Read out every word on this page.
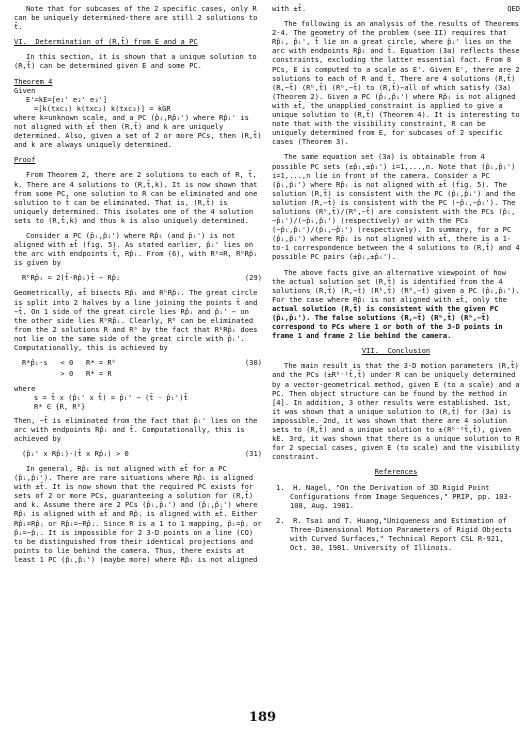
Note that for subcases of the 2 specific cases, only R can be uniquely determined-there are still 2 solutions to t̂.

VI.  Determination of (R,t̂) from E and a PC

In this section, it is shown that a unique solution to (R,t̂) can be determined given E and some PC.

Theorem 4

Given

E'=kE=[e₁' e₂' e₃']

=[k(txc₁) k(txc₂) k(txc₃)] = kGR

where k=unknown scale, and a PC (p̂ᵢ,Rp̂ᵢ') where Rp̂ᵢ' is not aligned with ±t̂ then (R,t̂) and k are uniquely determined. Also, given a set of 2 or more PCs, then (R,t̂) and k are always uniquely determined.

Proof

From Theorem 2, there are 2 solutions to each of R, t̂, k. There are 4 solutions to (R,t̂,k). It is now shown that from some PC, one solution to R can be eliminated and one solution to t̂ can be eliminated. That is, (R,t̂) is uniquely determined. This isolates one of the 4 solution sets to (R,t̂,k) and thus k is also uniquely determined.

Consider a PC (p̂ᵢ,p̂ᵢ') where Rp̂ᵢ (and p̂ᵢ') is not aligned with ±t̂ (fig. 5). As stated earlier, p̂ᵢ' lies on the arc with endpoints t̂, Rp̂ᵢ. From (6), with Rᵇ=R, RᵇRp̂ᵢ is given by

RᵇRp̂ᵢ = 2(t̂·Rp̂ᵢ)t̂ − Rp̂ᵢ	(29)

Geometrically, ±t̂ bisects Rp̂ᵢ and RᵇRp̂ᵢ. The great circle is split into 2 halves by a line joining the points t̂ and −t̂. On 1 side of the great circle lies Rp̂ᵢ and p̂ᵢ' − on the other side lies RᵇRp̂ᵢ. Clearly, Rᵇ can be eliminated from the 2 solutions R and Rᵇ by the fact that RᵇRp̂ᵢ does not lie on the same side of the great circle with p̂ᵢ'. Computationally, this is achieved by

R*p̂ᵢ·s   < 0   R* = Rᵇ	(30)
> 0   R* = R

where

s = t̂ x (p̂ᵢ' x t̂) = p̂ᵢ' − (t̂ · p̂ᵢ')t̂

R* ∈ {R, Rᵇ}

Then, −t̂ is eliminated from the fact that p̂ᵢ' lies on the arc with endpoints Rp̂ᵢ and t̂. Computationally, this is achieved by

(p̂ᵢ' x Rp̂ᵢ)·(t̂ x Rp̂ᵢ) > 0	(31)

In general, Rp̂ᵢ is not aligned with ±t̂ for a PC (p̂ᵢ,p̂ᵢ'). There are rare situations where Rp̂ᵢ is aligned with ±t̂. It is now shown that the required PC exists for sets of 2 or more PCs, guaranteeing a solution for (R,t̂) and k. Assume there are 2 PCs (p̂ᵢ,p̂ᵢ') and (p̂ⱼ,p̂ⱼ') where Rp̂ᵢ is aligned with ±t̂ and Rp̂ⱼ is aligned with ±t̂. Either Rp̂ᵢ=Rp̂ⱼ or Rp̂ᵢ=−Rp̂ⱼ. Since R is a 1 to 1 mapping, p̂ᵢ=p̂ⱼ or p̂ᵢ=−p̂ⱼ. It is impossible for 2 3-D points on a line (CO) to be distinguished from their identical projections and points to lie behind the camera. Thus, there exists at least 1 PC (p̂ᵢ,p̂ᵢ') (maybe more) where Rp̂ᵢ is not aligned

with ±t̂.	QED

The following is an analysis of the results of Theorems 2-4. The geometry of the problem (see II) requires that Rp̂ᵢ, p̂ᵢ', t̂ lie on a great circle, where p̂ᵢ' lies on the arc with endpoints Rp̂ᵢ and t̂. Equation (3a) reflects these constraints, excluding the latter essential fact. From 8 PCs, E is computed to a scale as E'. Given E', there are 2 solutions to each of R and t̂. There are 4 solutions (R,t̂) (R,−t̂) (Rᵇ,t̂) (Rᵇ,−t̂) to (R,t̂)−all of which satisfy (3a)(Theorem 2). Given a PC (p̂ᵢ,p̂ᵢ') where Rp̂ᵢ is not aligned with ±t̂, the unapplied constraint is applied to give a unique solution to (R,t̂) (Theorem 4). It is interesting to note that with the visibility constraint, R can be uniquely determined from E, for subcases of 2 specific cases (Theorem 3).

The same equation set (3a) is obtainable from 4 possible PC sets (±p̂ᵢ,±p̂ᵢ') i=1,...,n. Note that (p̂ᵢ,p̂ᵢ') i=1,...,n lie in front of the camera. Consider a PC (p̂ᵢ,p̂ᵢ') where Rp̂ᵢ is not aligned with ±t̂ (fig. 5). The solution (R,t̂) is consistent with the PC (p̂ᵢ,p̂ᵢ') and the solution (R,−t̂) is consistent with the PC (−p̂ᵢ,−p̂ᵢ'). The solutions (Rᵇ,t̂)/(Rᵇ,−t̂) are consistent with the PCs (p̂ᵢ,−p̂ᵢ')/(−p̂ᵢ,p̂ᵢ') (respectively) or with the PCs (−p̂ᵢ,p̂ᵢ')/(p̂ᵢ,−p̂ᵢ') (respectively). In summary, for a PC (p̂ᵢ,p̂ᵢ') where Rp̂ᵢ is not aligned with ±t̂, there is a 1-to-1 correspondence between the 4 solutions to (R,t̂) and 4 possible PC pairs (±p̂ᵢ,±p̂ᵢ').

The above facts give an alternative viewpoint of how the actual solution set (R,t̂) is identified from the 4 solutions (R,t̂) (R,−t̂) (Rᵇ,t̂) (Rᵇ,−t̂) given a PC (p̂ᵢ,p̂ᵢ'). For the case where Rp̂ᵢ is not aligned with ±t̂, only the

actual solution (R,t̂) is consistent with the given PC (p̂ᵢ,p̂ᵢ'). The false solutions (R,−t̂) (Rᵇ,t̂) (Rᵇ,−t̂) correspond to PCs where 1 or both of the 3-D points in frame 1 and frame 2 lie behind the camera.

VII.  Conclusion

The main result is that the 3-D motion parameters (R,t̂) and the PCs (±Rᵇ⁻¹t̂,t̂) under R can be uniquely determined by a vector-geometrical method, given E (to a scale) and a PC. Then object structure can be found by the method in [4]. In addition, 3 other results were established. 1st, it was shown that a unique solution to (R,t̂) for (3a) is impossible. 2nd, it was shown that there are 4 solution sets to (R,t̂) and a unique solution to ±(Rᵇ⁻¹t̂,t̂), given kE. 3rd, it was shown that there is a unique solution to R for 2 special cases, given E (to scale) and the visibility constraint.

References

1.  H. Nagel, "On the Derivation of 3D Rigid Point Configurations from Image Sequences," PRIP, pp. 103-108, Aug. 1981.

2.  R. Tsai and T. Huang,"Uniqueness and Estimation of Three-Dimensional Motion Parameters of Rigid Objects with Curved Surfaces," Technical Report CSL R-921, Oct. 30, 1981. University of Illinois.

189
